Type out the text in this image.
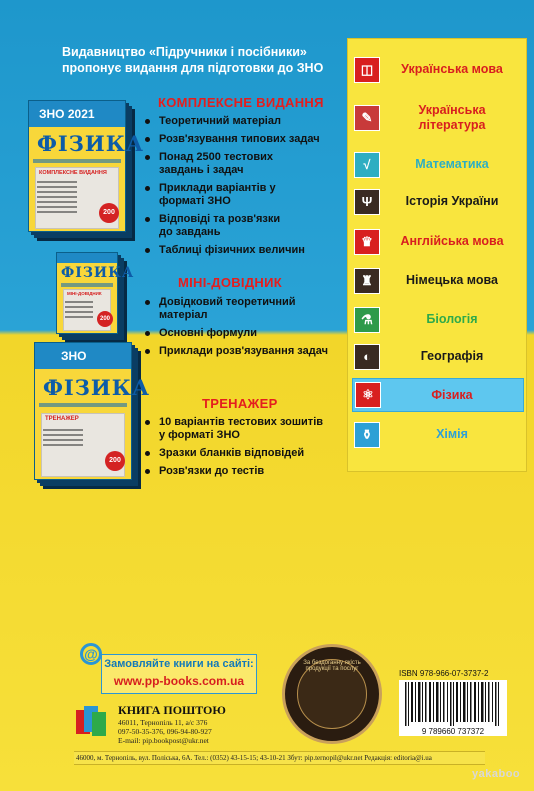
Видавництво «Підручники і посібники»
пропонує видання для підготовки до ЗНО
ЗНО 2021
ФІЗИКА
КОМПЛЕКСНЕ ВИДАННЯ
200
ФІЗИКА
МІНІ-ДОВІДНИК
200
ЗНО
ФІЗИКА
ТРЕНАЖЕР
200
КОМПЛЕКСНЕ ВИДАННЯ
Теоретичний матеріал
Розв'язування типових задач
Понад 2500 тестових завдань і задач
Приклади варіантів у форматі ЗНО
Відповіді та розв'язки до завдань
Таблиці фізичних величин
МІНІ-ДОВІДНИК
Довідковий теоретичний матеріал
Основні формули
Приклади розв'язування задач
ТРЕНАЖЕР
10 варіантів тестових зошитів у форматі ЗНО
Зразки бланків відповідей
Розв'язки до тестів
◫	Українська мова
✎	Українська література
√	Математика
Ψ	Історія України
♛	Англійська мова
♜	Німецька мова
⚗	Біологія
◐	Географія
⚛	Фізика
⚱	Хімія
@
Замовляйте книги на сайті:
www.pp-books.com.ua
КНИГА ПОШТОЮ
46011, Тернопіль 11, а/с 376
097-50-35-376, 096-94-80-927
E-mail: pip.bookpost@ukr.net
За бездоганну якість продукції та послуг	ISBN 978-966-07-3737-2
9 789660 737372
46000, м. Тернопіль, вул. Поліська, 6А. Тел.: (0352) 43-15-15; 43-10-21 Збут: pip.ternopil@ukr.net Редакція: editoria@i.ua
yakaboo
